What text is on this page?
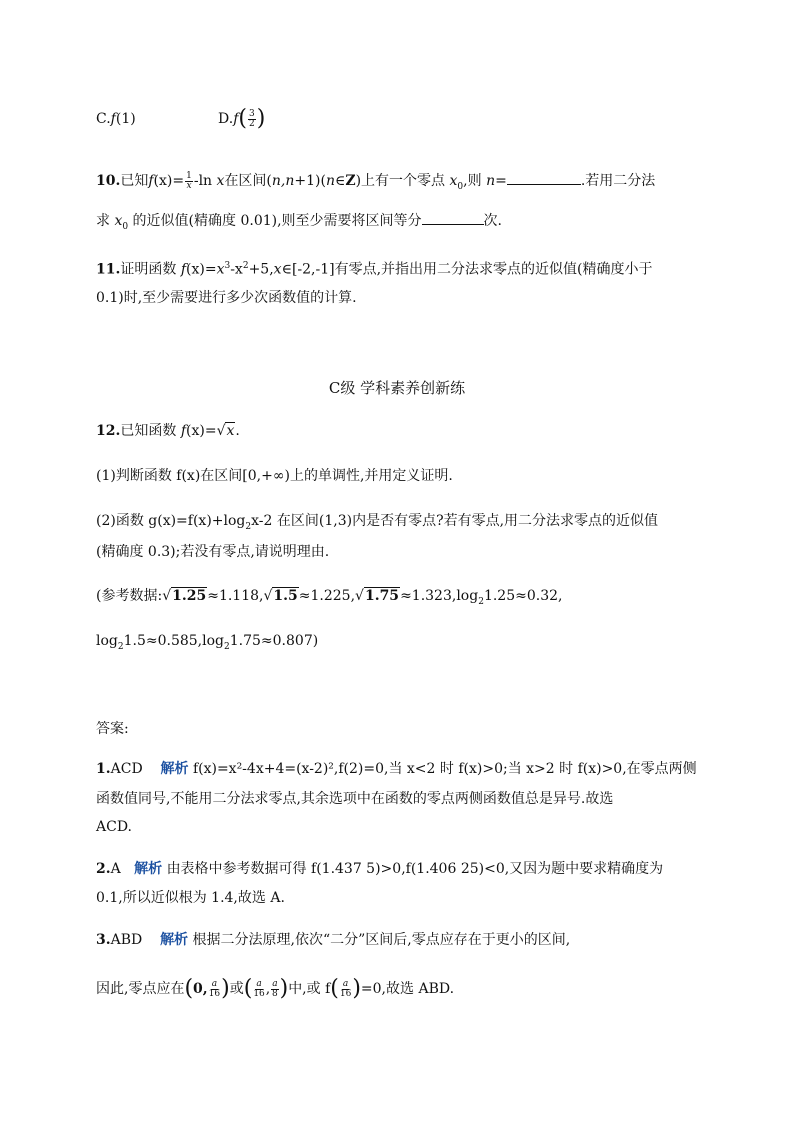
C.f(1)	$D.f( \frac{3}{2}$ )
10.已知$f(x)= \frac{1}{x} -\ln$ x在区间(n,n+1)(n∈Z)上有一个零点 $x_0$,则 n=	.若用二分法
求 $x_0$ 的近似值(精确度 0.01),则至少需要将区间等分	次.
11.证明函数 $f(x)=x^3-x^2+5,x\in[-2,-1]$有零点,并指出用二分法求零点的近似值(精确度小于
0.1)时,至少需要进行多少次函数值的计算.
C级 学科素养创新练
12.已知函数 f(x)=√x.
(1)判断函数 f(x)在区间[0,+∞)上的单调性,并用定义证明.
(2)函数 $g(x)=f(x)+\log_2x-2$ 在区间(1,3)内是否有零点?若有零点,用二分法求零点的近似值
(精确度 0.3);若没有零点,请说明理由.
(参考数据$:√1.25\approx 1.118,√1.5\approx 1.225,√1.75\approx 1.323,\log_21.25\approx 0.32$,
$\log_21.5\approx 0.585,\log_21.75\approx 0.807$)
答案:
1.ACD 解析 f(x)=x²-4x+4=(x-2)²,f(2)=0,当 x<2 时 f(x)>0;当 x>2 时 f(x)>0,在零点两侧
函数值同号,不能用二分法求零点,其余选项中在函数的零点两侧函数值总是异号.故选
ACD.
2.A 解析 由表格中参考数据可得 f(1.437 5)>0,f(1.406 25)<0,又因为题中要求精确度为
0.1,所以近似根为 1.4,故选 A.
3.ABD 解析 根据二分法原理,依次“二分”区间后,零点应存在于更小的区间,
因此,零点应在(0, $\frac{a}{16}$ )或( $\frac{a}{16}$ , $\frac{a}{8}$ )中,或 $f( \frac{a}{16} )=0$,故选 ABD.
